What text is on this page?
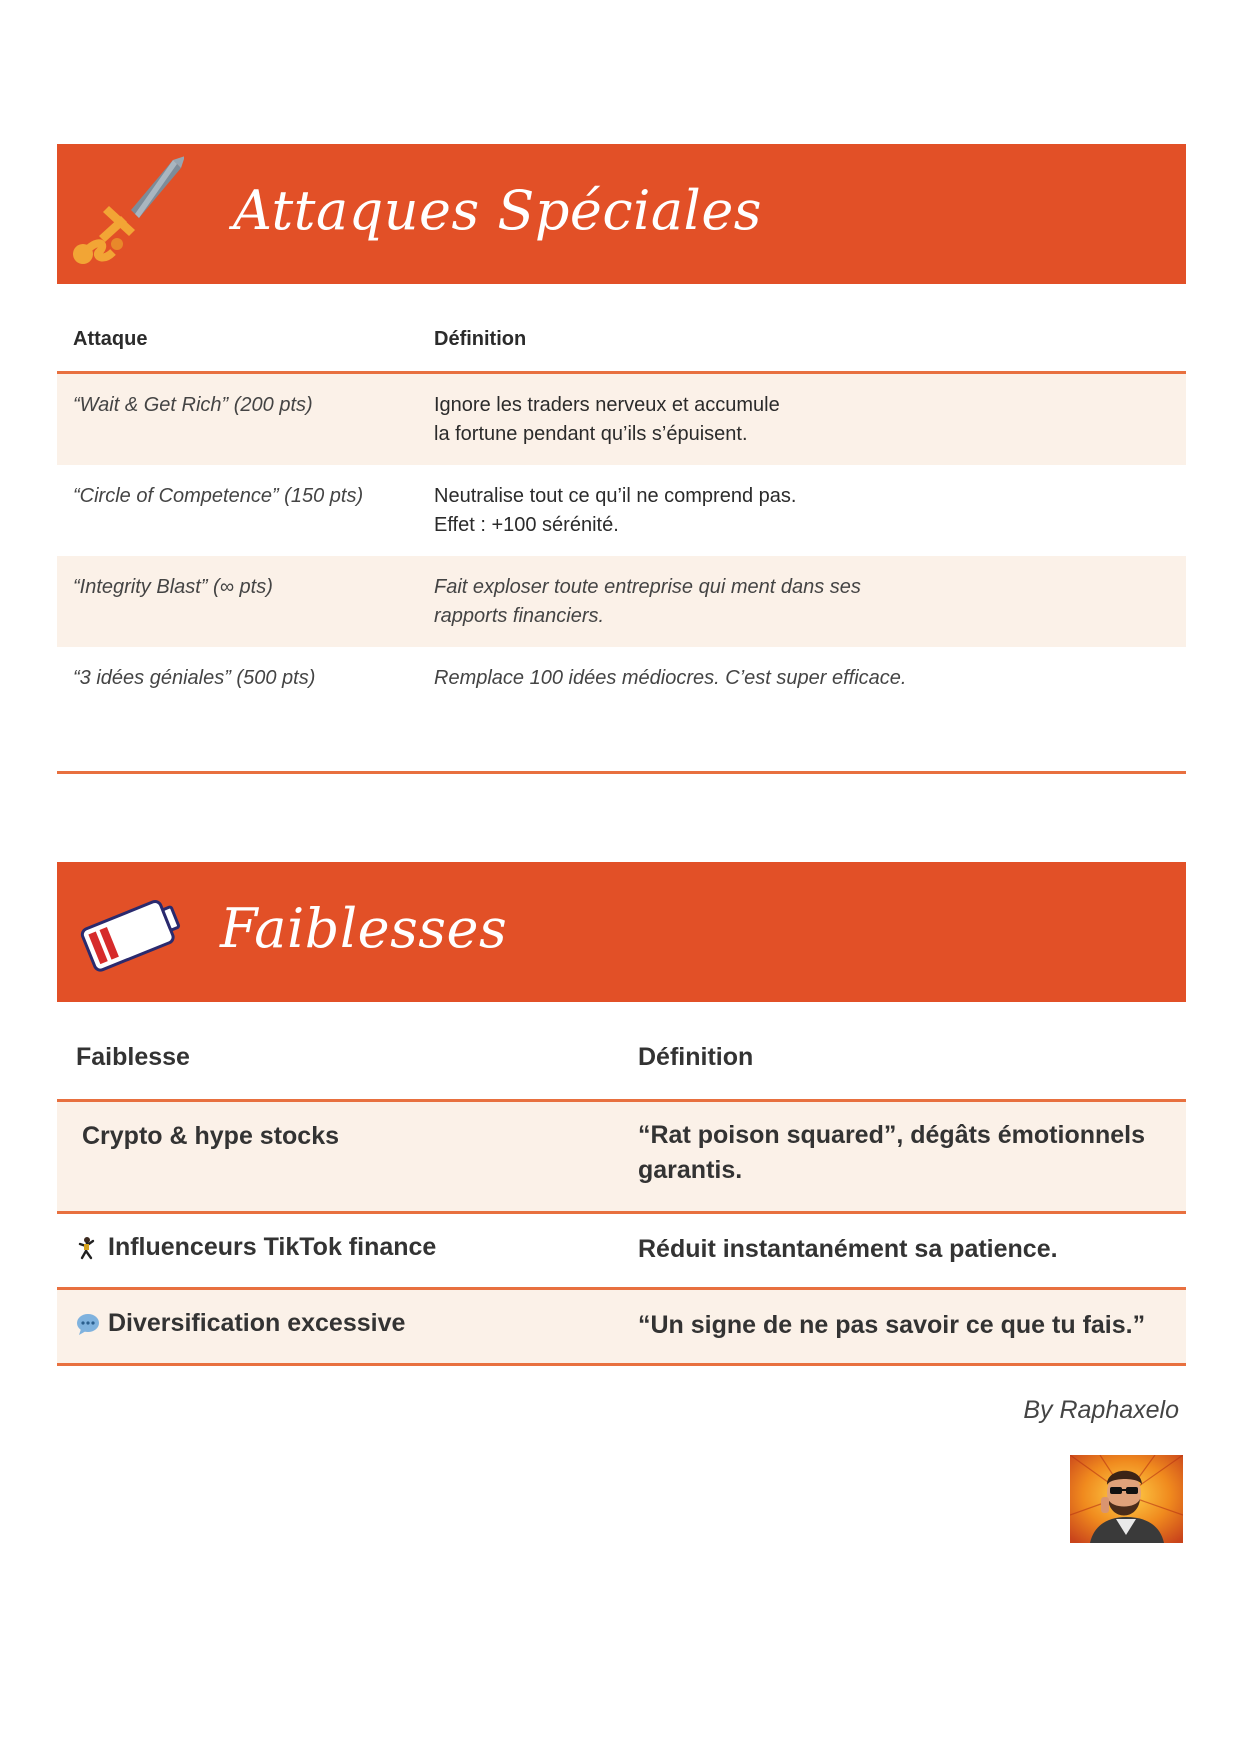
Attaques Spéciales
Attaque	Définition
“Wait & Get Rich” (200 pts)	Ignore les traders nerveux et accumule
la fortune pendant qu’ils s’épuisent.
“Circle of Competence” (150 pts)	Neutralise tout ce qu’il ne comprend pas.
Effet : +100 sérénité.
“Integrity Blast” (∞ pts)	Fait exploser toute entreprise qui ment dans ses
rapports financiers.
“3 idées géniales” (500 pts)	Remplace 100 idées médiocres. C’est super efficace.
Faiblesses
Faiblesse	Définition
Crypto & hype stocks	“Rat poison squared”, dégâts émotionnels garantis.
Influenceurs TikTok finance	Réduit instantanément sa patience.
Diversification excessive	“Un signe de ne pas savoir ce que tu fais.”
By Raphaxelo
